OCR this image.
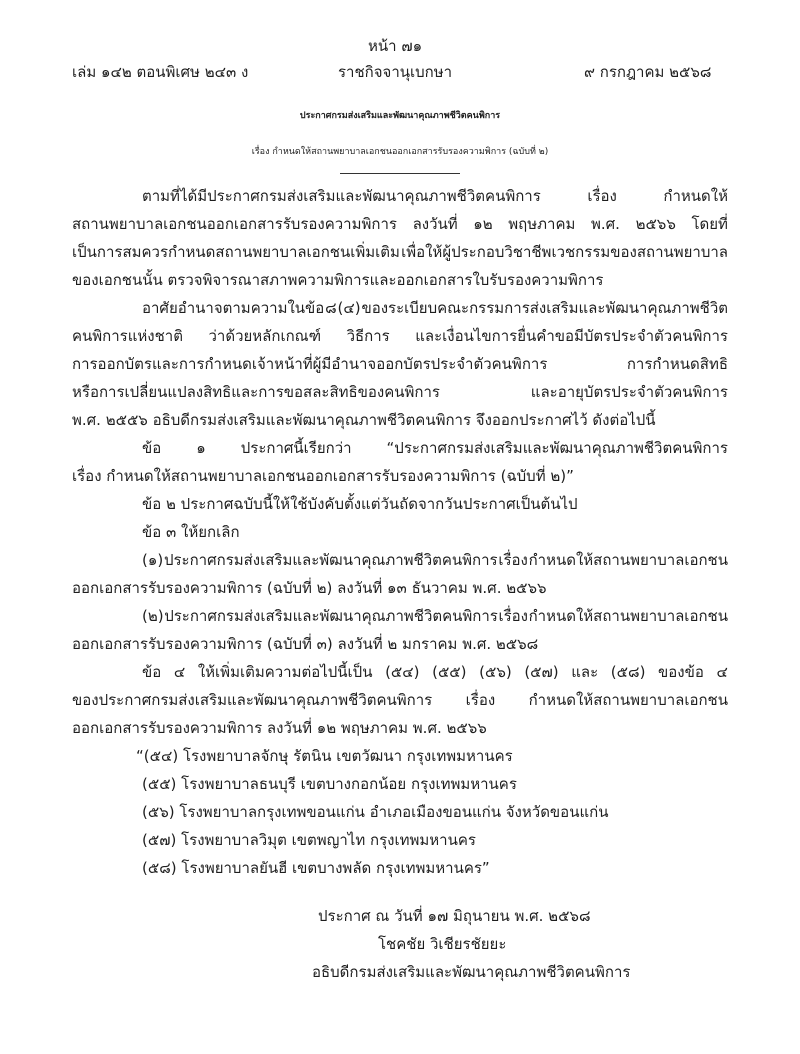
หน้า ๗๑
เล่ม ๑๔๒ ตอนพิเศษ ๒๔๓ ง	ราชกิจจานุเบกษา	๙ กรกฎาคม ๒๕๖๘
ประกาศกรมส่งเสริมและพัฒนาคุณภาพชีวิตคนพิการ
เรื่อง กำหนดให้สถานพยาบาลเอกชนออกเอกสารรับรองความพิการ (ฉบับที่ ๒)
ตามที่ได้มีประกาศกรมส่งเสริมและพัฒนาคุณภาพชีวิตคนพิการ	เรื่อง	กำหนดให้
สถานพยาบาลเอกชนออกเอกสารรับรองความพิการ ลงวันที่ ๑๒ พฤษภาคม พ.ศ. ๒๕๖๖ โดยที่
เป็นการสมควรกำหนดสถานพยาบาลเอกชนเพิ่มเติม เพื่อให้ผู้ประกอบวิชาชีพเวชกรรมของสถานพยาบาล
ของเอกชนนั้น ตรวจพิจารณาสภาพความพิการและออกเอกสารใบรับรองความพิการ
อาศัยอำนาจตามความในข้อ ๘ (๔) ของระเบียบคณะกรรมการส่งเสริมและพัฒนาคุณภาพชีวิต
คนพิการแห่งชาติ ว่าด้วยหลักเกณฑ์ วิธีการ และเงื่อนไขการยื่นคำขอมีบัตรประจำตัวคนพิการ
การออกบัตรและการกำหนดเจ้าหน้าที่ผู้มีอำนาจออกบัตรประจำตัวคนพิการ	การกำหนดสิทธิ
หรือการเปลี่ยนแปลงสิทธิและการขอสละสิทธิของคนพิการ	และอายุบัตรประจำตัวคนพิการ
พ.ศ. ๒๕๕๖ อธิบดีกรมส่งเสริมและพัฒนาคุณภาพชีวิตคนพิการ จึงออกประกาศไว้ ดังต่อไปนี้
ข้อ ๑ ประกาศนี้เรียกว่า “ประกาศกรมส่งเสริมและพัฒนาคุณภาพชีวิตคนพิการ
เรื่อง กำหนดให้สถานพยาบาลเอกชนออกเอกสารรับรองความพิการ (ฉบับที่ ๒)”
ข้อ ๒ ประกาศฉบับนี้ให้ใช้บังคับตั้งแต่วันถัดจากวันประกาศเป็นต้นไป
ข้อ ๓ ให้ยกเลิก
(๑) ประกาศกรมส่งเสริมและพัฒนาคุณภาพชีวิตคนพิการ เรื่อง กำหนดให้สถานพยาบาลเอกชน
ออกเอกสารรับรองความพิการ (ฉบับที่ ๒) ลงวันที่ ๑๓ ธันวาคม พ.ศ. ๒๕๖๖
(๒) ประกาศกรมส่งเสริมและพัฒนาคุณภาพชีวิตคนพิการ เรื่อง กำหนดให้สถานพยาบาลเอกชน
ออกเอกสารรับรองความพิการ (ฉบับที่ ๓) ลงวันที่ ๒ มกราคม พ.ศ. ๒๕๖๘
ข้อ ๔ ให้เพิ่มเติมความต่อไปนี้เป็น (๕๔) (๕๕) (๕๖) (๕๗) และ (๕๘) ของข้อ ๔
ของประกาศกรมส่งเสริมและพัฒนาคุณภาพชีวิตคนพิการ เรื่อง กำหนดให้สถานพยาบาลเอกชน
ออกเอกสารรับรองความพิการ ลงวันที่ ๑๒ พฤษภาคม พ.ศ. ๒๕๖๖
“(๕๔) โรงพยาบาลจักษุ รัตนิน เขตวัฒนา กรุงเทพมหานคร
(๕๕) โรงพยาบาลธนบุรี เขตบางกอกน้อย กรุงเทพมหานคร
(๕๖) โรงพยาบาลกรุงเทพขอนแก่น อำเภอเมืองขอนแก่น จังหวัดขอนแก่น
(๕๗) โรงพยาบาลวิมุต เขตพญาไท กรุงเทพมหานคร
(๕๘) โรงพยาบาลยันฮี เขตบางพลัด กรุงเทพมหานคร”
ประกาศ ณ วันที่ ๑๗ มิถุนายน พ.ศ. ๒๕๖๘
โชคชัย วิเชียรชัยยะ
อธิบดีกรมส่งเสริมและพัฒนาคุณภาพชีวิตคนพิการ
